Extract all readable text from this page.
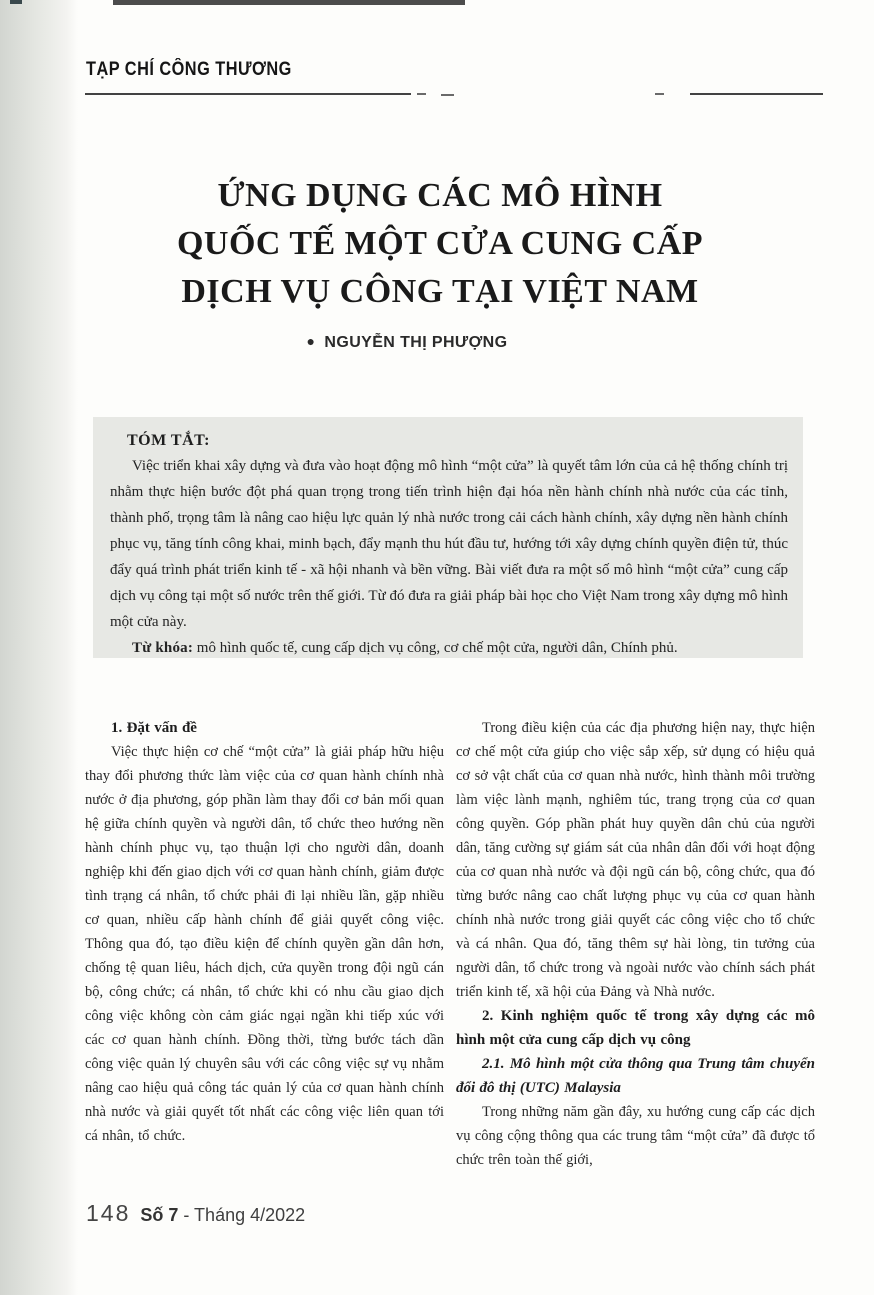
TẠP CHÍ CÔNG THƯƠNG
ỨNG DỤNG CÁC MÔ HÌNH
QUỐC TẾ MỘT CỬA CUNG CẤP
DỊCH VỤ CÔNG TẠI VIỆT NAM
● NGUYỄN THỊ PHƯỢNG
TÓM TẮT:

Việc triển khai xây dựng và đưa vào hoạt động mô hình “một cửa” là quyết tâm lớn của cả hệ thống chính trị nhằm thực hiện bước đột phá quan trọng trong tiến trình hiện đại hóa nền hành chính nhà nước của các tỉnh, thành phố, trọng tâm là nâng cao hiệu lực quản lý nhà nước trong cải cách hành chính, xây dựng nền hành chính phục vụ, tăng tính công khai, minh bạch, đẩy mạnh thu hút đầu tư, hướng tới xây dựng chính quyền điện tử, thúc đẩy quá trình phát triển kinh tế - xã hội nhanh và bền vững. Bài viết đưa ra một số mô hình “một cửa” cung cấp dịch vụ công tại một số nước trên thế giới. Từ đó đưa ra giải pháp bài học cho Việt Nam trong xây dựng mô hình một cửa này.

Từ khóa: mô hình quốc tế, cung cấp dịch vụ công, cơ chế một cửa, người dân, Chính phủ.

1. Đặt vấn đề

Việc thực hiện cơ chế “một cửa” là giải pháp hữu hiệu thay đổi phương thức làm việc của cơ quan hành chính nhà nước ở địa phương, góp phần làm thay đổi cơ bản mối quan hệ giữa chính quyền và người dân, tổ chức theo hướng nền hành chính phục vụ, tạo thuận lợi cho người dân, doanh nghiệp khi đến giao dịch với cơ quan hành chính, giảm được tình trạng cá nhân, tổ chức phải đi lại nhiều lần, gặp nhiều cơ quan, nhiều cấp hành chính để giải quyết công việc. Thông qua đó, tạo điều kiện để chính quyền gần dân hơn, chống tệ quan liêu, hách dịch, cửa quyền trong đội ngũ cán bộ, công chức; cá nhân, tổ chức khi có nhu cầu giao dịch công việc không còn cảm giác ngại ngần khi tiếp xúc với các cơ quan hành chính. Đồng thời, từng bước tách dần công việc quản lý chuyên sâu với các công việc sự vụ nhằm nâng cao hiệu quả công tác quản lý của cơ quan hành chính nhà nước và giải quyết tốt nhất các công việc liên quan tới cá nhân, tổ chức.

Trong điều kiện của các địa phương hiện nay, thực hiện cơ chế một cửa giúp cho việc sắp xếp, sử dụng có hiệu quả cơ sở vật chất của cơ quan nhà nước, hình thành môi trường làm việc lành mạnh, nghiêm túc, trang trọng của cơ quan công quyền. Góp phần phát huy quyền dân chủ của người dân, tăng cường sự giám sát của nhân dân đối với hoạt động của cơ quan nhà nước và đội ngũ cán bộ, công chức, qua đó từng bước nâng cao chất lượng phục vụ của cơ quan hành chính nhà nước trong giải quyết các công việc cho tổ chức và cá nhân. Qua đó, tăng thêm sự hài lòng, tin tưởng của người dân, tổ chức trong và ngoài nước vào chính sách phát triển kinh tế, xã hội của Đảng và Nhà nước.

2. Kinh nghiệm quốc tế trong xây dựng các mô hình một cửa cung cấp dịch vụ công

2.1. Mô hình một cửa thông qua Trung tâm chuyển đổi đô thị (UTC) Malaysia

Trong những năm gần đây, xu hướng cung cấp các dịch vụ công cộng thông qua các trung tâm “một cửa” đã được tổ chức trên toàn thế giới,

148 Số 7 - Tháng 4/2022
